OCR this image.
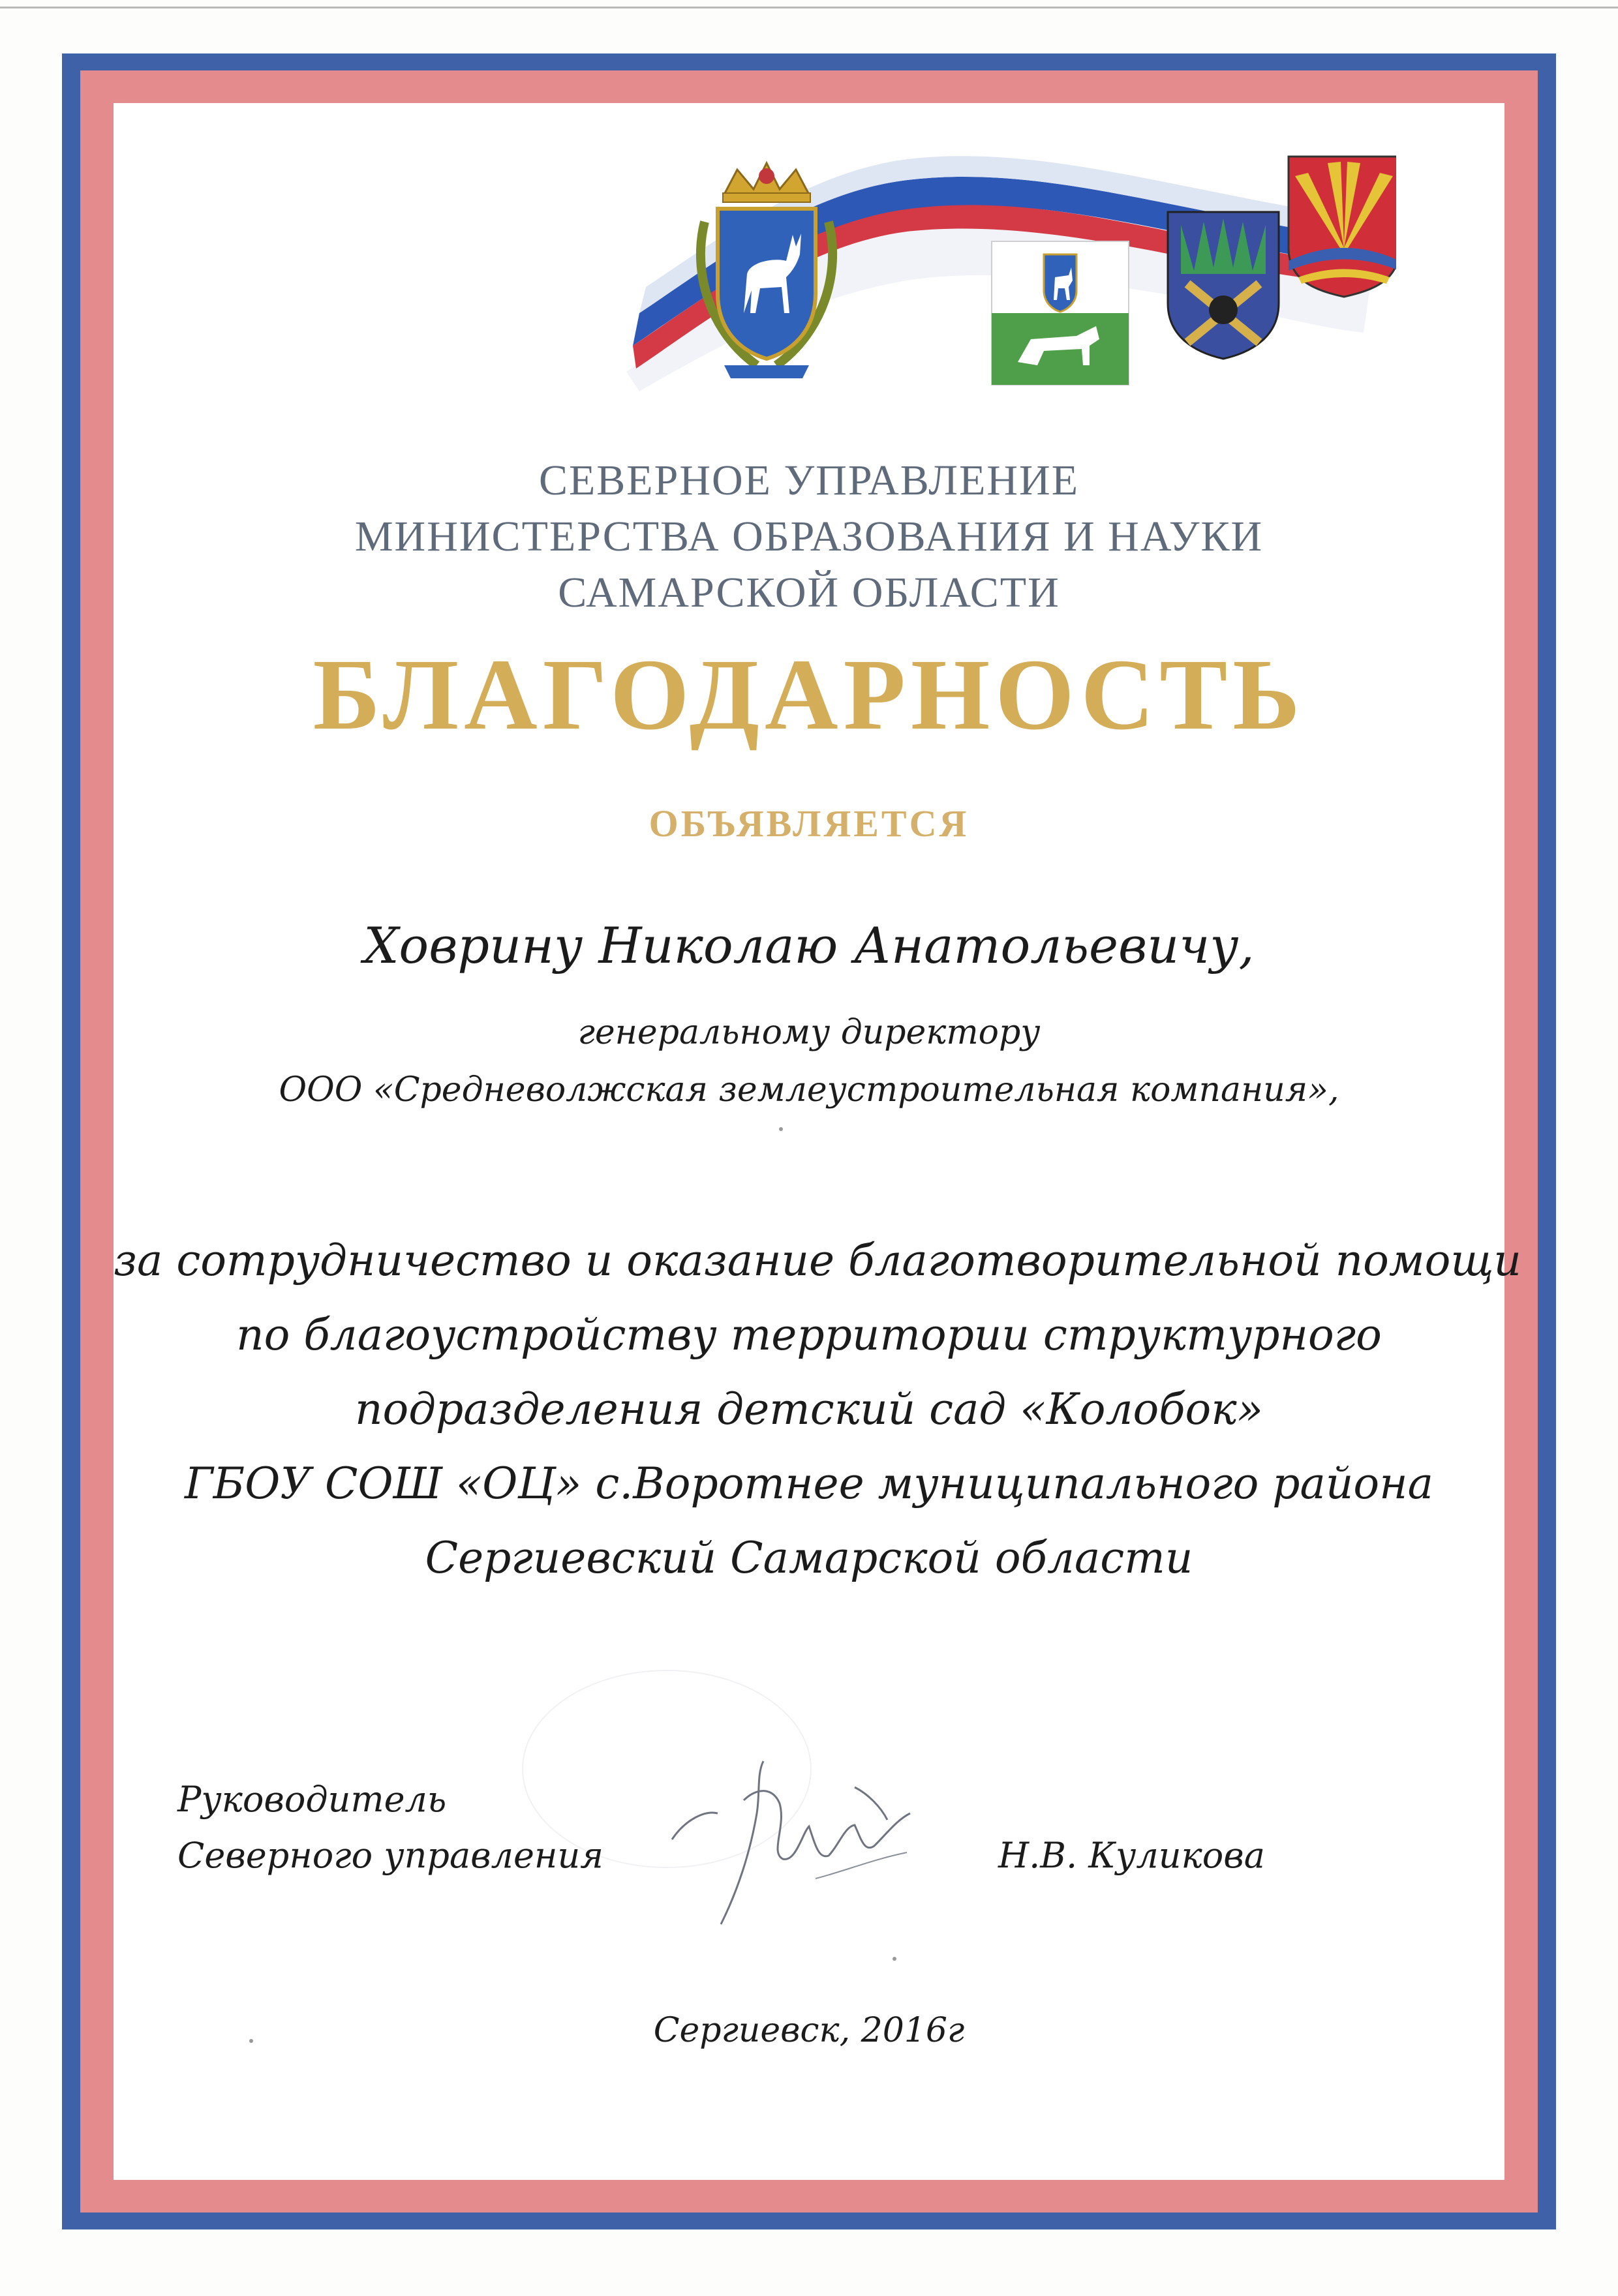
СЕВЕРНОЕ УПРАВЛЕНИЕ
МИНИСТЕРСТВА ОБРАЗОВАНИЯ И НАУКИ
САМАРСКОЙ ОБЛАСТИ
БЛАГОДАРНОСТЬ
ОБЪЯВЛЯЕТСЯ
Ховрину Николаю Анатольевичу,
генеральному директору
ООО «Средневолжская землеустроительная компания»,
за сотрудничество и оказание благотворительной помощи
по благоустройству территории структурного
подразделения детский сад «Колобок»
ГБОУ СОШ «ОЦ» с.Воротнее муниципального района
Сергиевский Самарской области
Руководитель
Северного управления	Н.В. Куликова
Сергиевск, 2016г
